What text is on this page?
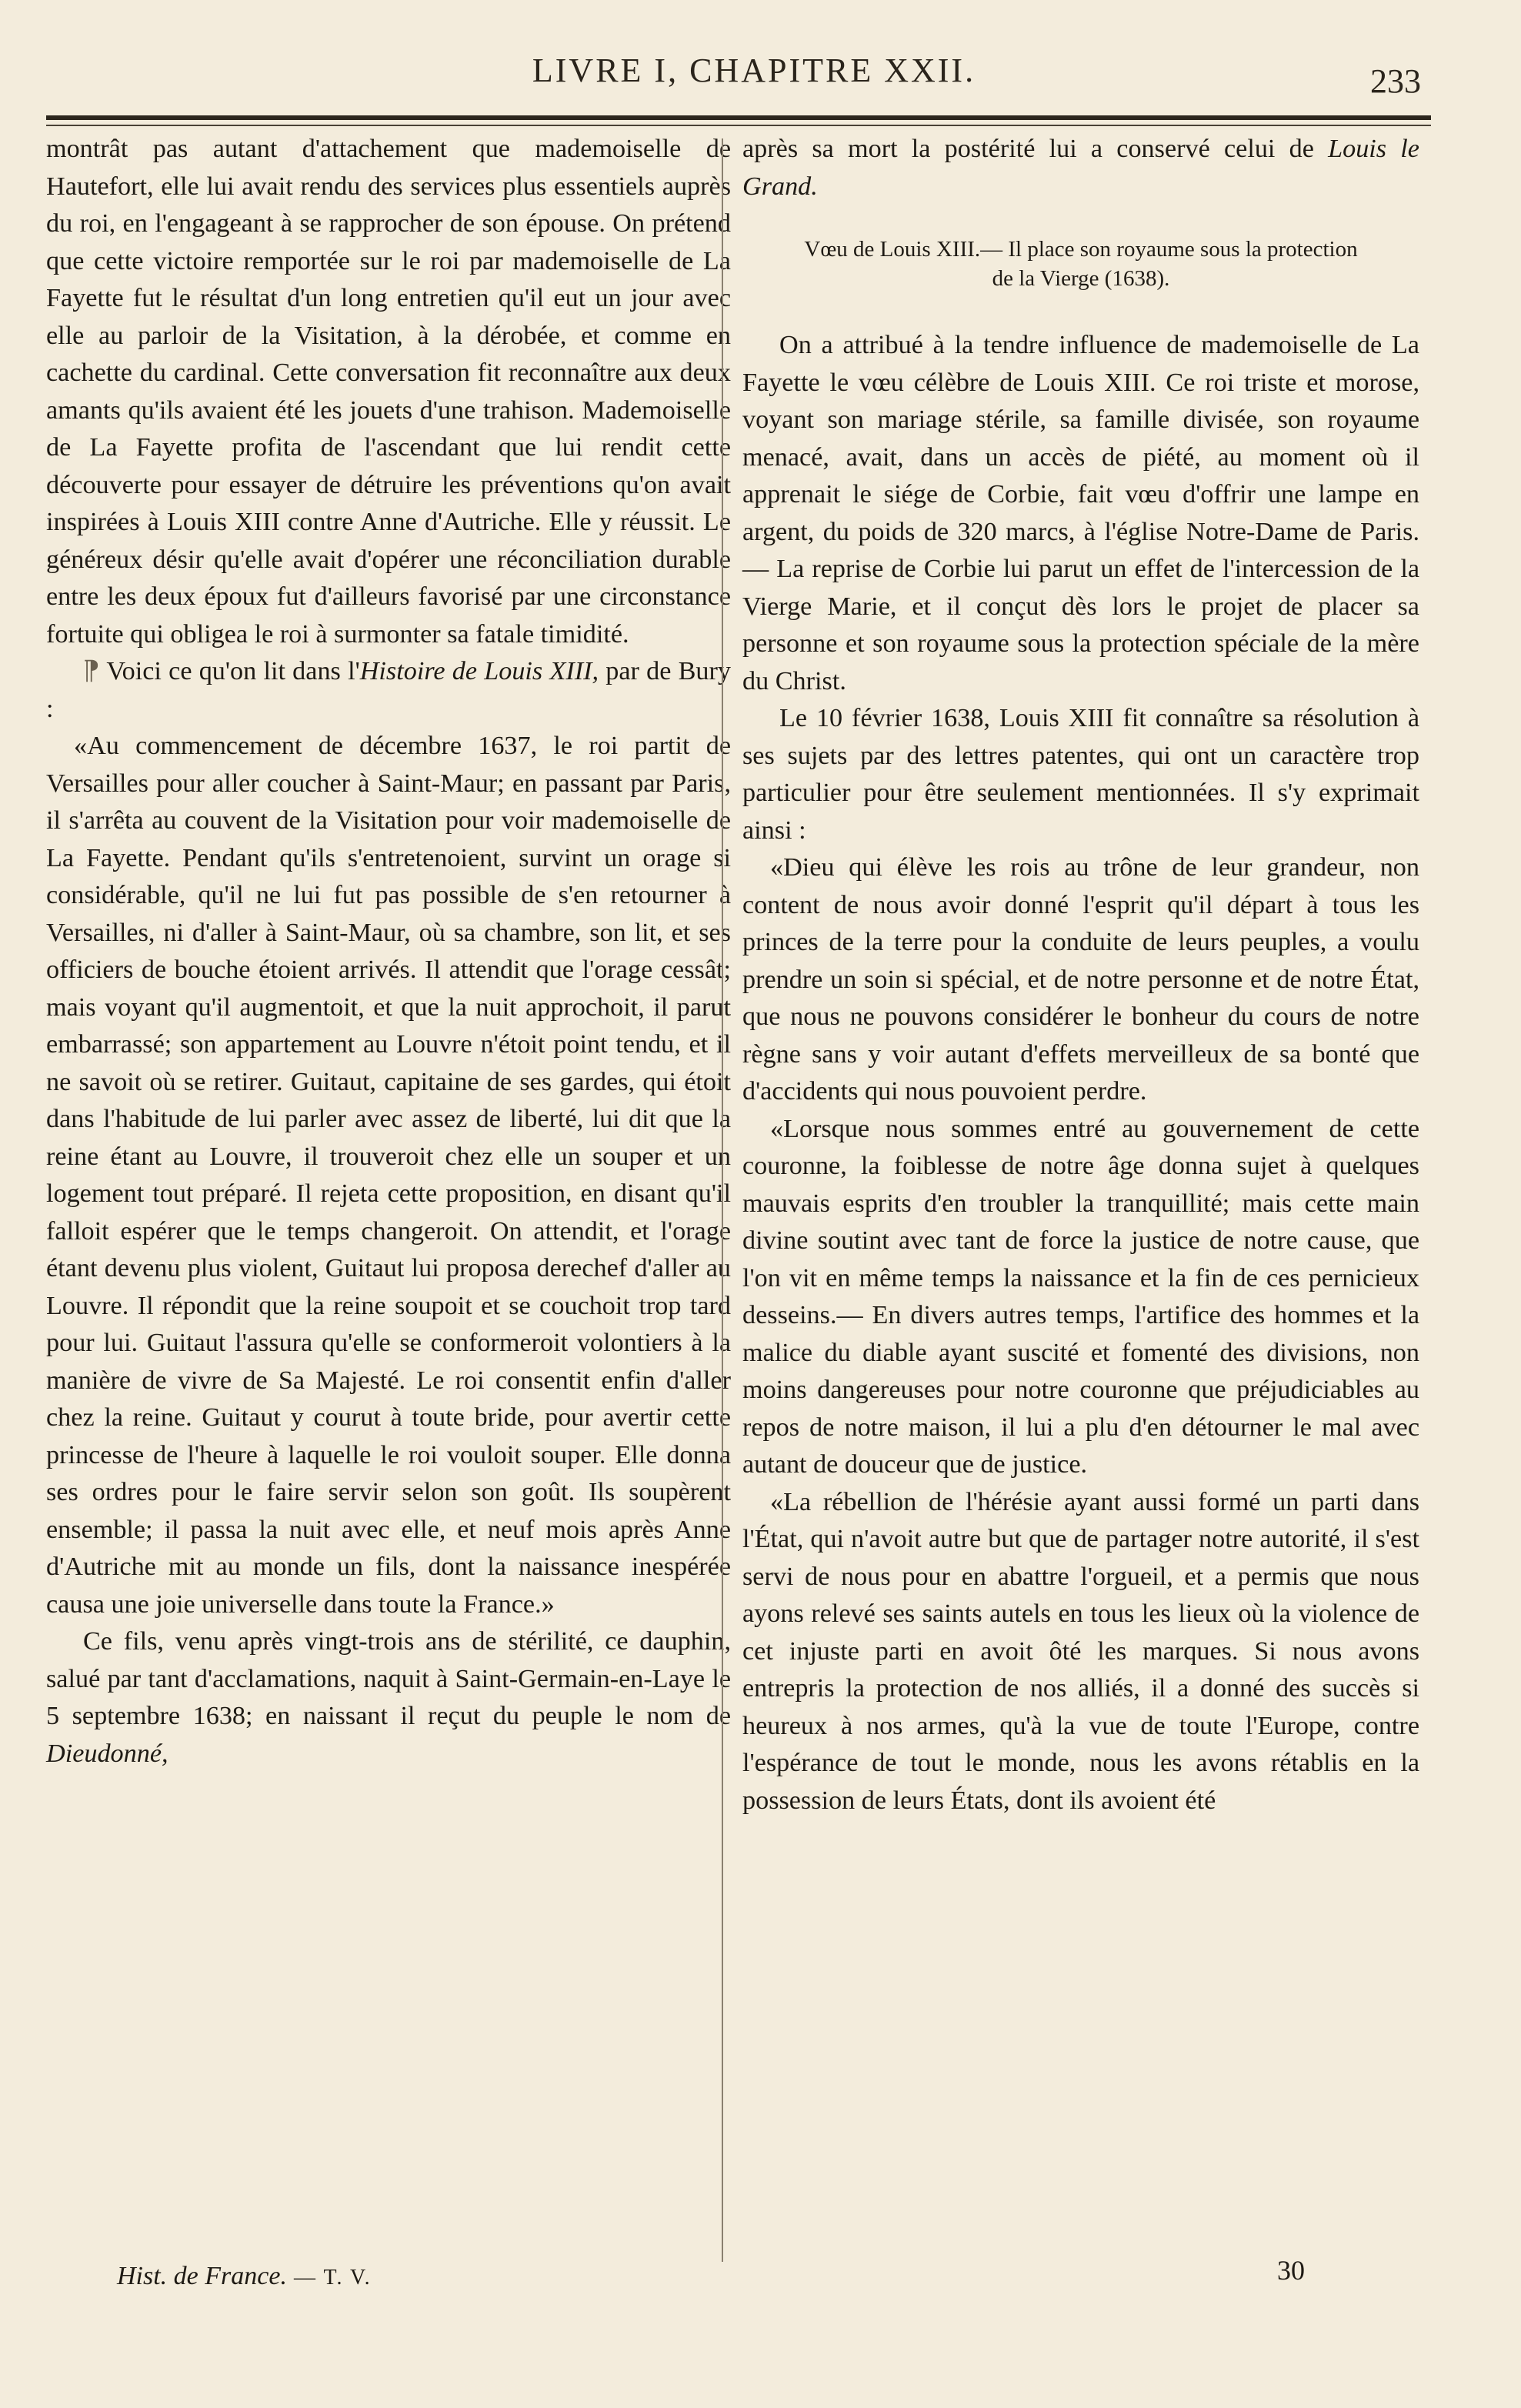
LIVRE I, CHAPITRE XXII.	233

montrât pas autant d'attachement que mademoiselle de Hautefort, elle lui avait rendu des services plus essentiels auprès du roi, en l'engageant à se rapprocher de son épouse. On prétend que cette victoire remportée sur le roi par mademoiselle de La Fayette fut le résultat d'un long entretien qu'il eut un jour avec elle au parloir de la Visitation, à la dérobée, et comme en cachette du cardinal. Cette conversation fit reconnaître aux deux amants qu'ils avaient été les jouets d'une trahison. Mademoiselle de La Fayette profita de l'ascendant que lui rendit cette découverte pour essayer de détruire les préventions qu'on avait inspirées à Louis XIII contre Anne d'Autriche. Elle y réussit. Le généreux désir qu'elle avait d'opérer une réconciliation durable entre les deux époux fut d'ailleurs favorisé par une circonstance fortuite qui obligea le roi à surmonter sa fatale timidité.

⁋ Voici ce qu'on lit dans l'Histoire de Louis XIII, par de Bury :

«Au commencement de décembre 1637, le roi partit de Versailles pour aller coucher à Saint-Maur; en passant par Paris, il s'arrêta au couvent de la Visitation pour voir mademoiselle de La Fayette. Pendant qu'ils s'entretenoient, survint un orage si considérable, qu'il ne lui fut pas possible de s'en retourner à Versailles, ni d'aller à Saint-Maur, où sa chambre, son lit, et ses officiers de bouche étoient arrivés. Il attendit que l'orage cessât; mais voyant qu'il augmentoit, et que la nuit approchoit, il parut embarrassé; son appartement au Louvre n'étoit point tendu, et il ne savoit où se retirer. Guitaut, capitaine de ses gardes, qui étoit dans l'habitude de lui parler avec assez de liberté, lui dit que la reine étant au Louvre, il trouveroit chez elle un souper et un logement tout préparé. Il rejeta cette proposition, en disant qu'il falloit espérer que le temps changeroit. On attendit, et l'orage étant devenu plus violent, Guitaut lui proposa derechef d'aller au Louvre. Il répondit que la reine soupoit et se couchoit trop tard pour lui. Guitaut l'assura qu'elle se conformeroit volontiers à la manière de vivre de Sa Majesté. Le roi consentit enfin d'aller chez la reine. Guitaut y courut à toute bride, pour avertir cette princesse de l'heure à laquelle le roi vouloit souper. Elle donna ses ordres pour le faire servir selon son goût. Ils soupèrent ensemble; il passa la nuit avec elle, et neuf mois après Anne d'Autriche mit au monde un fils, dont la naissance inespérée causa une joie universelle dans toute la France.»

Ce fils, venu après vingt-trois ans de stérilité, ce dauphin, salué par tant d'acclamations, naquit à Saint-Germain-en-Laye le 5 septembre 1638; en naissant il reçut du peuple le nom de Dieudonné,

après sa mort la postérité lui a conservé celui de Louis le Grand.

Vœu de Louis XIII.— Il place son royaume sous la protection
de la Vierge (1638).

On a attribué à la tendre influence de mademoiselle de La Fayette le vœu célèbre de Louis XIII. Ce roi triste et morose, voyant son mariage stérile, sa famille divisée, son royaume menacé, avait, dans un accès de piété, au moment où il apprenait le siége de Corbie, fait vœu d'offrir une lampe en argent, du poids de 320 marcs, à l'église Notre-Dame de Paris. — La reprise de Corbie lui parut un effet de l'intercession de la Vierge Marie, et il conçut dès lors le projet de placer sa personne et son royaume sous la protection spéciale de la mère du Christ.

Le 10 février 1638, Louis XIII fit connaître sa résolution à ses sujets par des lettres patentes, qui ont un caractère trop particulier pour être seulement mentionnées. Il s'y exprimait ainsi :

«Dieu qui élève les rois au trône de leur grandeur, non content de nous avoir donné l'esprit qu'il départ à tous les princes de la terre pour la conduite de leurs peuples, a voulu prendre un soin si spécial, et de notre personne et de notre État, que nous ne pouvons considérer le bonheur du cours de notre règne sans y voir autant d'effets merveilleux de sa bonté que d'accidents qui nous pouvoient perdre.

«Lorsque nous sommes entré au gouvernement de cette couronne, la foiblesse de notre âge donna sujet à quelques mauvais esprits d'en troubler la tranquillité; mais cette main divine soutint avec tant de force la justice de notre cause, que l'on vit en même temps la naissance et la fin de ces pernicieux desseins.— En divers autres temps, l'artifice des hommes et la malice du diable ayant suscité et fomenté des divisions, non moins dangereuses pour notre couronne que préjudiciables au repos de notre maison, il lui a plu d'en détourner le mal avec autant de douceur que de justice.

«La rébellion de l'hérésie ayant aussi formé un parti dans l'État, qui n'avoit autre but que de partager notre autorité, il s'est servi de nous pour en abattre l'orgueil, et a permis que nous ayons relevé ses saints autels en tous les lieux où la violence de cet injuste parti en avoit ôté les marques. Si nous avons entrepris la protection de nos alliés, il a donné des succès si heureux à nos armes, qu'à la vue de toute l'Europe, contre l'espérance de tout le monde, nous les avons rétablis en la possession de leurs États, dont ils avoient été

Hist. de France. — T. V.	30
